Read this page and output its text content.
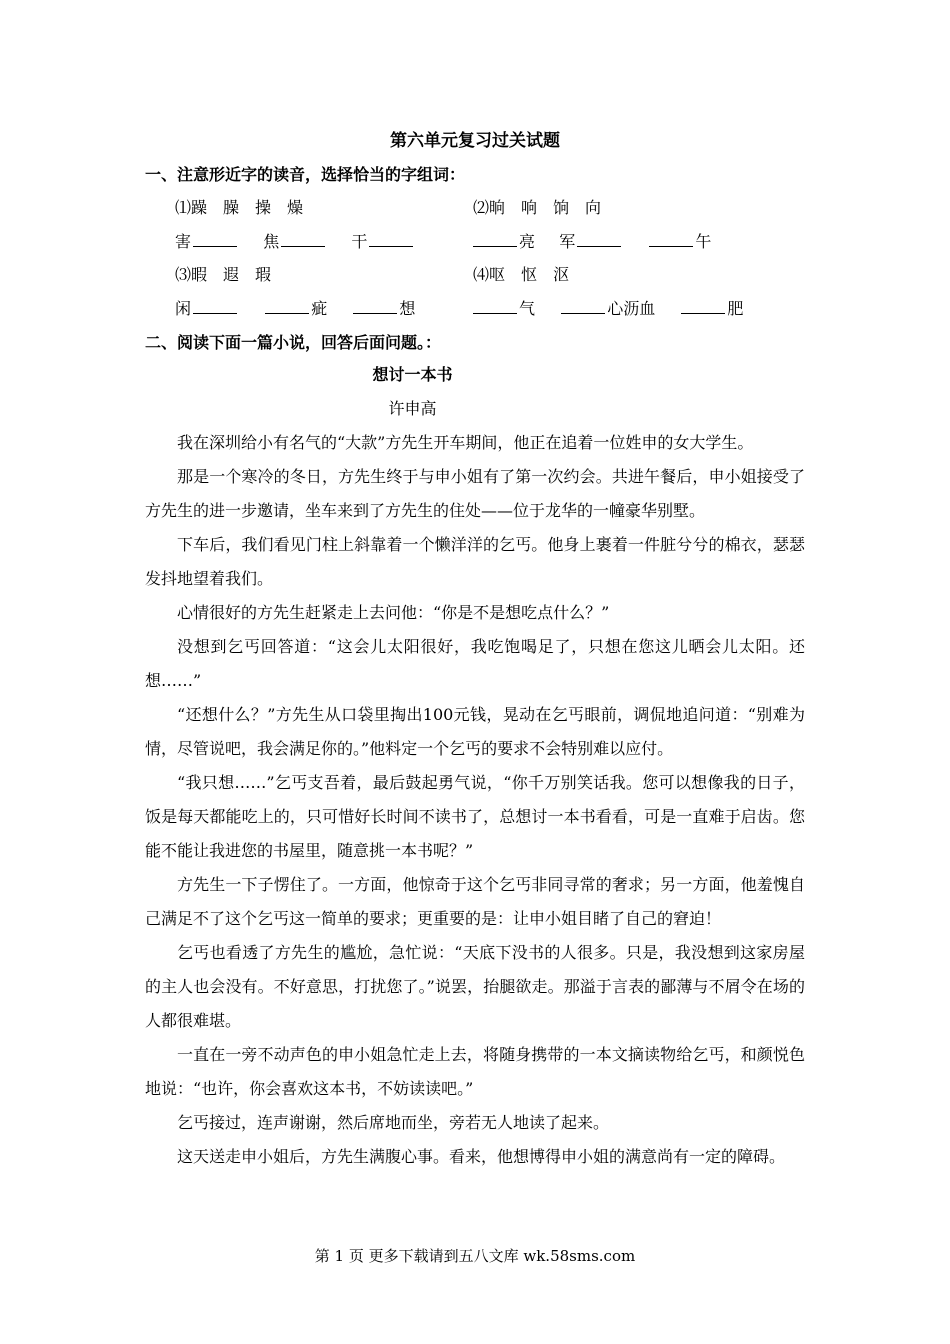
第六单元复习过关试题
一、注意形近字的读音，选择恰当的字组词：
⑴躁　臊　操　燥	⑵晌　响　饷　向
害	焦	干	亮 军	午
⑶暇　遐　瑕	⑷呕　怄　沤
闲	疵	想	气	心沥血	肥
二、阅读下面一篇小说，回答后面问题。：
想讨一本书
许申高

我在深圳给小有名气的“大款”方先生开车期间，他正在追着一位姓申的女大学生。

那是一个寒冷的冬日，方先生终于与申小姐有了第一次约会。共进午餐后，申小姐接受了方先生的进一步邀请，坐车来到了方先生的住处——位于龙华的一幢豪华别墅。

下车后，我们看见门柱上斜靠着一个懒洋洋的乞丐。他身上裹着一件脏兮兮的棉衣，瑟瑟发抖地望着我们。

心情很好的方先生赶紧走上去问他：“你是不是想吃点什么？”

没想到乞丐回答道：“这会儿太阳很好，我吃饱喝足了，只想在您这儿晒会儿太阳。还想……”

“还想什么？”方先生从口袋里掏出100元钱，晃动在乞丐眼前，调侃地追问道：“别难为情，尽管说吧，我会满足你的。”他料定一个乞丐的要求不会特别难以应付。

“我只想……”乞丐支吾着，最后鼓起勇气说，“你千万别笑话我。您可以想像我的日子，饭是每天都能吃上的，只可惜好长时间不读书了，总想讨一本书看看，可是一直难于启齿。您能不能让我进您的书屋里，随意挑一本书呢？”

方先生一下子愣住了。一方面，他惊奇于这个乞丐非同寻常的奢求；另一方面，他羞愧自己满足不了这个乞丐这一简单的要求；更重要的是：让申小姐目睹了自己的窘迫！

乞丐也看透了方先生的尴尬，急忙说：“天底下没书的人很多。只是，我没想到这家房屋的主人也会没有。不好意思，打扰您了。”说罢，抬腿欲走。那溢于言表的鄙薄与不屑令在场的人都很难堪。

一直在一旁不动声色的申小姐急忙走上去，将随身携带的一本文摘读物给乞丐，和颜悦色地说：“也许，你会喜欢这本书，不妨读读吧。”

乞丐接过，连声谢谢，然后席地而坐，旁若无人地读了起来。

这天送走申小姐后，方先生满腹心事。看来，他想博得申小姐的满意尚有一定的障碍。

第 1 页 更多下载请到五八文库 wk.58sms.com
